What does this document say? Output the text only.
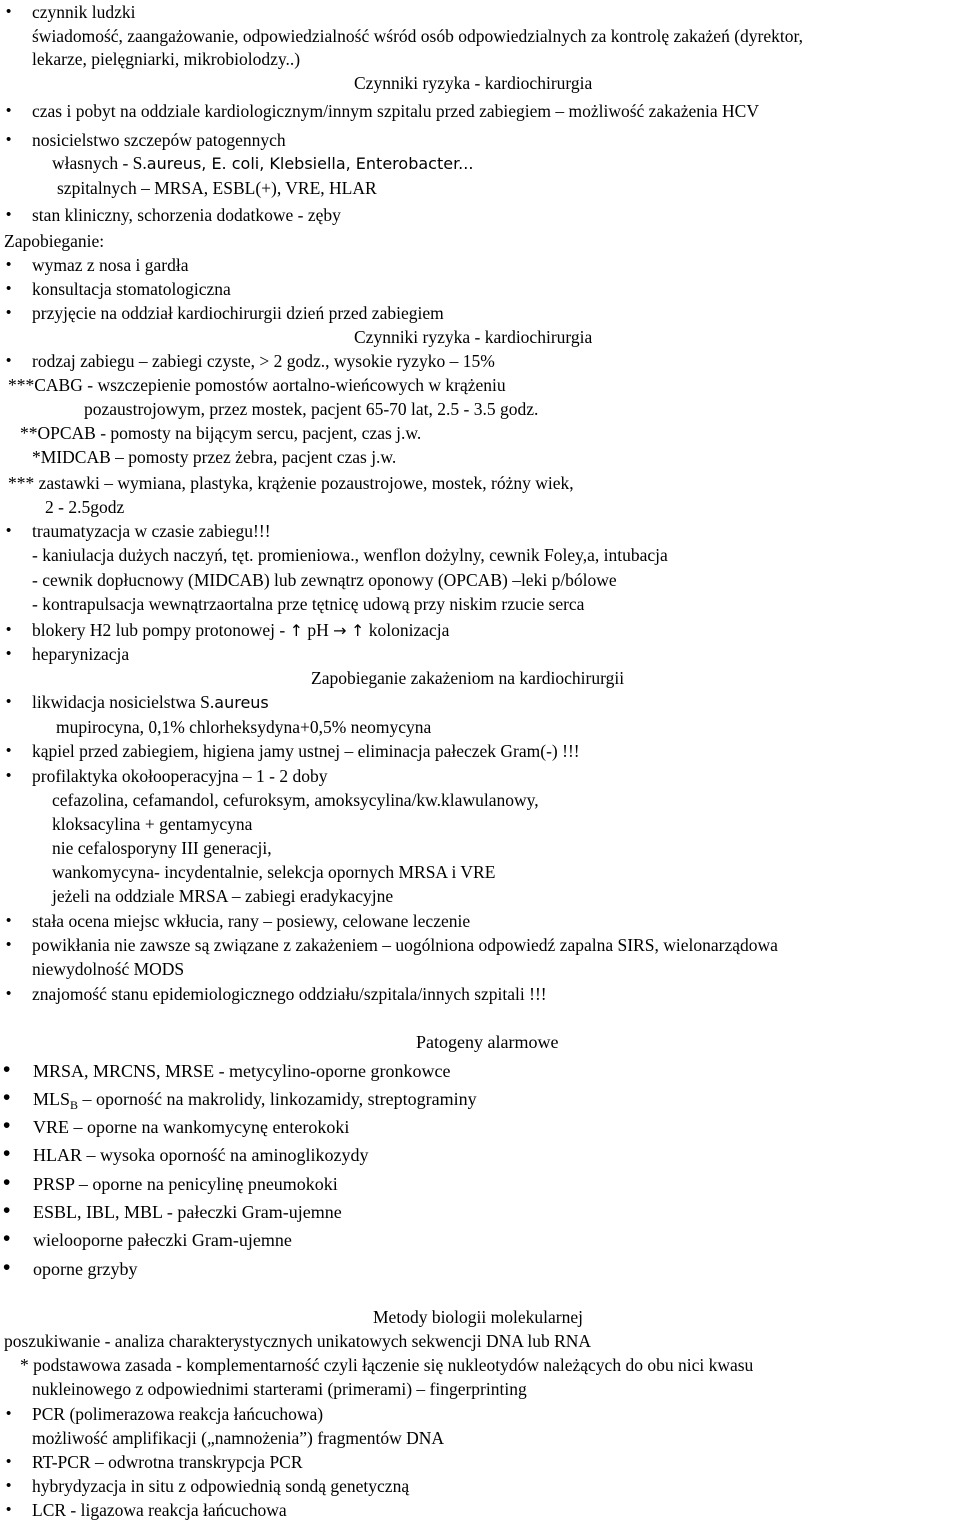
• czynnik ludzki
świadomość, zaangażowanie, odpowiedzialność wśród osób odpowiedzialnych za kontrolę zakażeń (dyrektor,
lekarze, pielęgniarki, mikrobiolodzy..)
Czynniki ryzyka - kardiochirurgia
• czas i pobyt na oddziale kardiologicznym/innym szpitalu przed zabiegiem – możliwość zakażenia HCV
• nosicielstwo szczepów patogennych
własnych - S.aureus, E. coli, Klebsiella, Enterobacter...
szpitalnych – MRSA, ESBL(+), VRE, HLAR
• stan kliniczny, schorzenia dodatkowe - zęby
Zapobieganie:
• wymaz z nosa i gardła
• konsultacja stomatologiczna
• przyjęcie na oddział kardiochirurgii dzień przed zabiegiem
Czynniki ryzyka - kardiochirurgia
• rodzaj zabiegu – zabiegi czyste, > 2 godz., wysokie ryzyko – 15%
***CABG - wszczepienie pomostów aortalno-wieńcowych w krążeniu
pozaustrojowym, przez mostek, pacjent 65-70 lat, 2.5 - 3.5 godz.
**OPCAB - pomosty na bijącym sercu, pacjent, czas j.w.
*MIDCAB – pomosty przez żebra, pacjent czas j.w.
*** zastawki – wymiana, plastyka, krążenie pozaustrojowe, mostek, różny wiek,
2 - 2.5godz
• traumatyzacja w czasie zabiegu!!!
- kaniulacja dużych naczyń, tęt. promieniowa., wenflon dożylny, cewnik Foley,a, intubacja
- cewnik dopłucnowy (MIDCAB) lub zewnątrz oponowy (OPCAB) –leki p/bólowe
- kontrapulsacja wewnątrzaortalna prze tętnicę udową przy niskim rzucie serca
• blokery H2 lub pompy protonowej - ↑ pH → ↑ kolonizacja
• heparynizacja
Zapobieganie zakażeniom na kardiochirurgii
• likwidacja nosicielstwa S.aureus
mupirocyna, 0,1% chlorheksydyna+0,5% neomycyna
• kąpiel przed zabiegiem, higiena jamy ustnej – eliminacja pałeczek Gram(-) !!!
• profilaktyka okołooperacyjna – 1 - 2 doby
cefazolina, cefamandol, cefuroksym, amoksycylina/kw.klawulanowy,
kloksacylina + gentamycyna
nie cefalosporyny III generacji,
wankomycyna- incydentalnie, selekcja opornych MRSA i VRE
jeżeli na oddziale MRSA – zabiegi eradykacyjne
• stała ocena miejsc wkłucia, rany – posiewy, celowane leczenie
• powikłania nie zawsze są związane z zakażeniem – uogólniona odpowiedź zapalna SIRS, wielonarządowa
niewydolność MODS
• znajomość stanu epidemiologicznego oddziału/szpitala/innych szpitali !!!
Patogeny alarmowe
• MRSA, MRCNS, MRSE - metycylino-oporne gronkowce
• $MLS_B$ – oporność na makrolidy, linkozamidy, streptograminy
• VRE – oporne na wankomycynę enterokoki
• HLAR – wysoka oporność na aminoglikozydy
• PRSP – oporne na penicylinę pneumokoki
• ESBL, IBL, MBL - pałeczki Gram-ujemne
• wielooporne pałeczki Gram-ujemne
• oporne grzyby
Metody biologii molekularnej
poszukiwanie - analiza charakterystycznych unikatowych sekwencji DNA lub RNA
* podstawowa zasada - komplementarność czyli łączenie się nukleotydów należących do obu nici kwasu
nukleinowego z odpowiednimi starterami (primerami) – fingerprinting
• PCR (polimerazowa reakcja łańcuchowa)
możliwość amplifikacji („namnożenia”) fragmentów DNA
• RT-PCR – odwrotna transkrypcja PCR
• hybrydyzacja in situ z odpowiednią sondą genetyczną
• LCR - ligazowa reakcja łańcuchowa
